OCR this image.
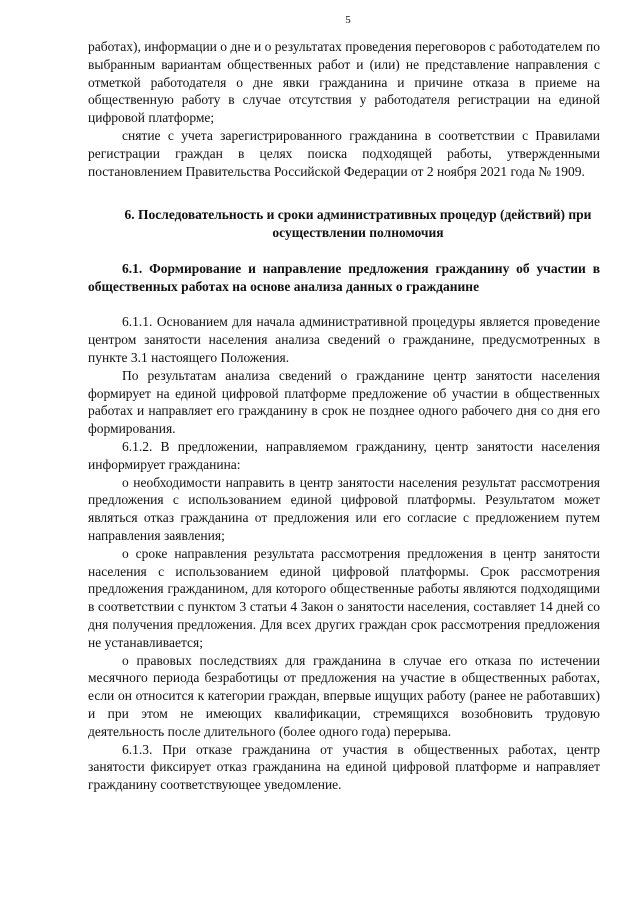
5

работах), информации о дне и о результатах проведения переговоров с работодателем по выбранным вариантам общественных работ и (или) не представление направления с отметкой работодателя о дне явки гражданина и причине отказа в приеме на общественную работу в случае отсутствия у работодателя регистрации на единой цифровой платформе;

снятие с учета зарегистрированного гражданина в соответствии с Правилами регистрации граждан в целях поиска подходящей работы, утвержденными постановлением Правительства Российской Федерации от 2 ноября 2021 года № 1909.

6. Последовательность и сроки административных процедур (действий) при осуществлении полномочия
6.1. Формирование и направление предложения гражданину об участии в общественных работах на основе анализа данных о гражданине

6.1.1. Основанием для начала административной процедуры является проведение центром занятости населения анализа сведений о гражданине, предусмотренных в пункте 3.1 настоящего Положения.

По результатам анализа сведений о гражданине центр занятости населения формирует на единой цифровой платформе предложение об участии в общественных работах и направляет его гражданину в срок не позднее одного рабочего дня со дня его формирования.

6.1.2. В предложении, направляемом гражданину, центр занятости населения информирует гражданина:

о необходимости направить в центр занятости населения результат рассмотрения предложения с использованием единой цифровой платформы. Результатом может являться отказ гражданина от предложения или его согласие с предложением путем направления заявления;

о сроке направления результата рассмотрения предложения в центр занятости населения с использованием единой цифровой платформы. Срок рассмотрения предложения гражданином, для которого общественные работы являются подходящими в соответствии с пунктом 3 статьи 4 Закон о занятости населения, составляет 14 дней со дня получения предложения. Для всех других граждан срок рассмотрения предложения не устанавливается;

о правовых последствиях для гражданина в случае его отказа по истечении месячного периода безработицы от предложения на участие в общественных работах, если он относится к категории граждан, впервые ищущих работу (ранее не работавших) и при этом не имеющих квалификации, стремящихся возобновить трудовую деятельность после длительного (более одного года) перерыва.

6.1.3. При отказе гражданина от участия в общественных работах, центр занятости фиксирует отказ гражданина на единой цифровой платформе и направляет гражданину соответствующее уведомление.
